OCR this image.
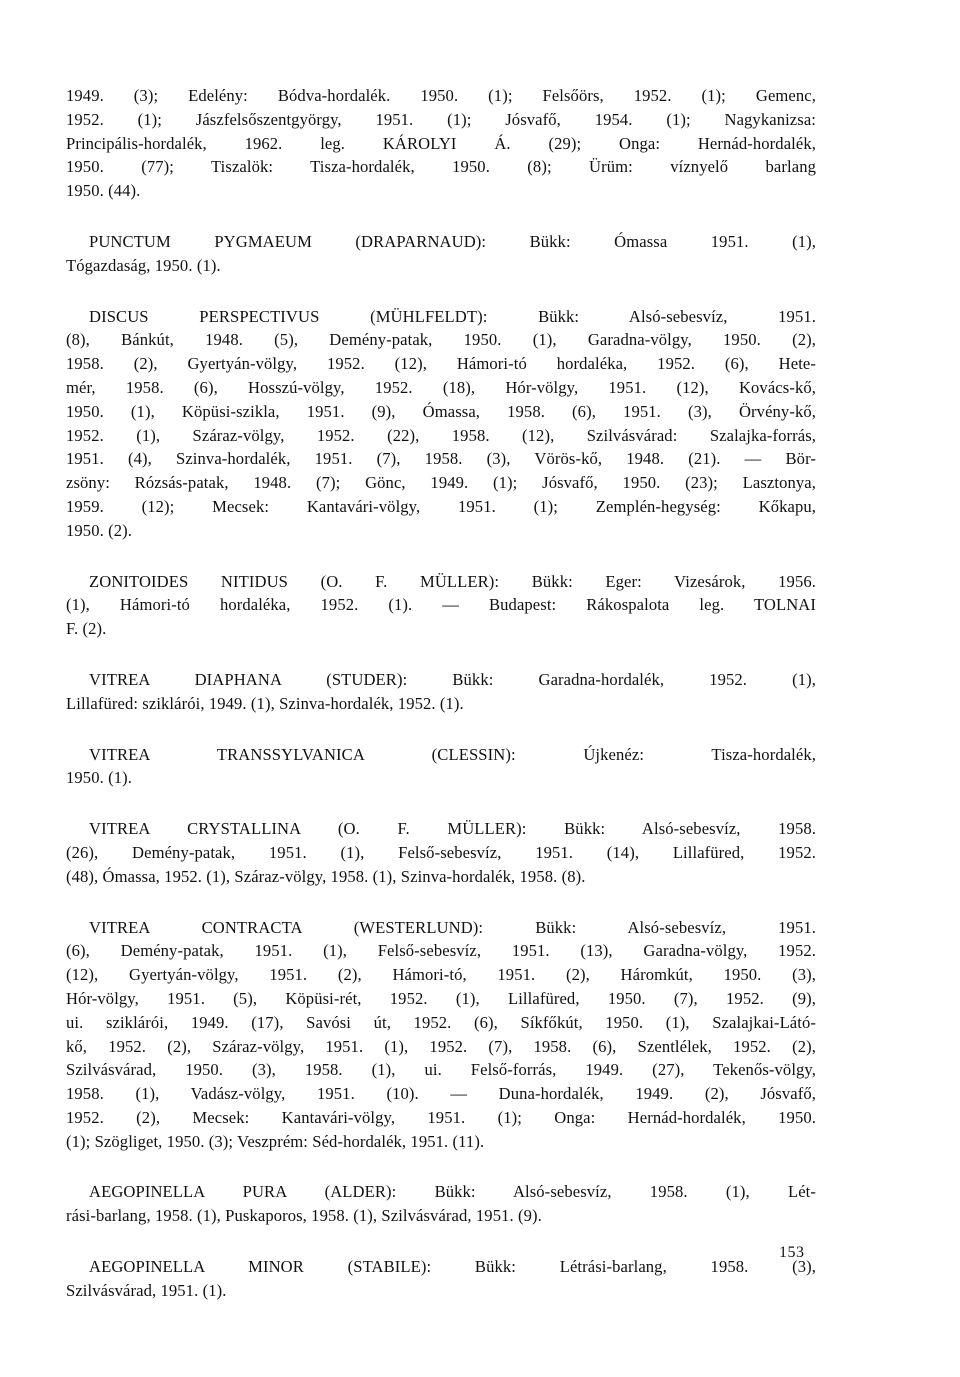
1949. (3); Edelény: Bódva-hordalék. 1950. (1); Felsőörs, 1952. (1); Gemenc,
1952. (1); Jászfelsőszentgyörgy, 1951. (1); Jósvafő, 1954. (1); Nagykanizsa:
Principális-hordalék, 1962. leg. KÁROLYI Á. (29); Onga: Hernád-hordalék,
1950. (77); Tiszalök: Tisza-hordalék, 1950. (8); Ürüm: víznyelő barlang
1950. (44).

PUNCTUM PYGMAEUM (DRAPARNAUD): Bükk: Ómassa 1951. (1),
Tógazdaság, 1950. (1).

DISCUS PERSPECTIVUS (MÜHLFELDT): Bükk: Alsó-sebesvíz, 1951.
(8), Bánkút, 1948. (5), Demény-patak, 1950. (1), Garadna-völgy, 1950. (2),
1958. (2), Gyertyán-völgy, 1952. (12), Hámori-tó hordaléka, 1952. (6), Hete-
mér, 1958. (6), Hosszú-völgy, 1952. (18), Hór-völgy, 1951. (12), Kovács-kő,
1950. (1), Köpüsi-szikla, 1951. (9), Ómassa, 1958. (6), 1951. (3), Örvény-kő,
1952. (1), Száraz-völgy, 1952. (22), 1958. (12), Szilvásvárad: Szalajka-forrás,
1951. (4), Szinva-hordalék, 1951. (7), 1958. (3), Vörös-kő, 1948. (21). — Bör-
zsöny: Rózsás-patak, 1948. (7); Gönc, 1949. (1); Jósvafő, 1950. (23); Lasztonya,
1959. (12); Mecsek: Kantavári-völgy, 1951. (1); Zemplén-hegység: Kőkapu,
1950. (2).

ZONITOIDES NITIDUS (O. F. MÜLLER): Bükk: Eger: Vizesárok, 1956.
(1), Hámori-tó hordaléka, 1952. (1). — Budapest: Rákospalota leg. TOLNAI
F. (2).

VITREA DIAPHANA (STUDER): Bükk: Garadna-hordalék, 1952. (1),
Lillafüred: sziklárói, 1949. (1), Szinva-hordalék, 1952. (1).

VITREA TRANSSYLVANICA (CLESSIN): Újkenéz: Tisza-hordalék,
1950. (1).

VITREA CRYSTALLINA (O. F. MÜLLER): Bükk: Alsó-sebesvíz, 1958.
(26), Demény-patak, 1951. (1), Felső-sebesvíz, 1951. (14), Lillafüred, 1952.
(48), Ómassa, 1952. (1), Száraz-völgy, 1958. (1), Szinva-hordalék, 1958. (8).

VITREA CONTRACTA (WESTERLUND): Bükk: Alsó-sebesvíz, 1951.
(6), Demény-patak, 1951. (1), Felső-sebesvíz, 1951. (13), Garadna-völgy, 1952.
(12), Gyertyán-völgy, 1951. (2), Hámori-tó, 1951. (2), Háromkút, 1950. (3),
Hór-völgy, 1951. (5), Köpüsi-rét, 1952. (1), Lillafüred, 1950. (7), 1952. (9),
ui. sziklárói, 1949. (17), Savósi út, 1952. (6), Síkfőkút, 1950. (1), Szalajkai-Látó-
kő, 1952. (2), Száraz-völgy, 1951. (1), 1952. (7), 1958. (6), Szentlélek, 1952. (2),
Szilvásvárad, 1950. (3), 1958. (1), ui. Felső-forrás, 1949. (27), Tekenős-völgy,
1958. (1), Vadász-völgy, 1951. (10). — Duna-hordalék, 1949. (2), Jósvafő,
1952. (2), Mecsek: Kantavári-völgy, 1951. (1); Onga: Hernád-hordalék, 1950.
(1); Szögliget, 1950. (3); Veszprém: Séd-hordalék, 1951. (11).

AEGOPINELLA PURA (ALDER): Bükk: Alsó-sebesvíz, 1958. (1), Lét-
rási-barlang, 1958. (1), Puskaporos, 1958. (1), Szilvásvárad, 1951. (9).

AEGOPINELLA MINOR (STABILE): Bükk: Létrási-barlang, 1958. (3),
Szilvásvárad, 1951. (1).

153
